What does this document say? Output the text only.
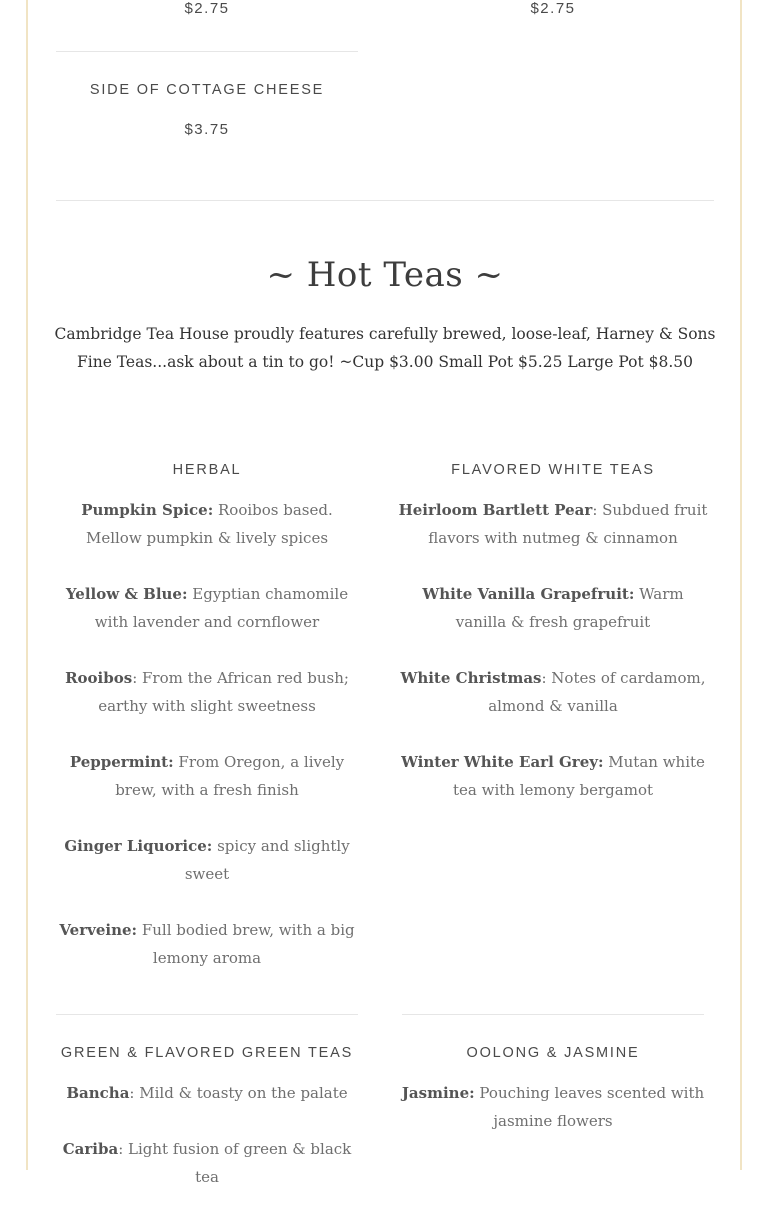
$2.75	$2.75
SIDE OF COTTAGE CHEESE
$3.75
~ Hot Teas ~
Cambridge Tea House proudly features carefully brewed, loose-leaf, Harney & Sons Fine Teas...ask about a tin to go! ~Cup $3.00 Small Pot $5.25 Large Pot $8.50
HERBAL

Pumpkin Spice: Rooibos based. Mellow pumpkin & lively spices

Yellow & Blue: Egyptian chamomile with lavender and cornflower

Rooibos: From the African red bush; earthy with slight sweetness

Peppermint: From Oregon, a lively brew, with a fresh finish

Ginger Liquorice: spicy and slightly sweet

Verveine: Full bodied brew, with a big lemony aroma

FLAVORED WHITE TEAS

Heirloom Bartlett Pear: Subdued fruit flavors with nutmeg & cinnamon

White Vanilla Grapefruit: Warm vanilla & fresh grapefruit

White Christmas: Notes of cardamom, almond & vanilla

Winter White Earl Grey: Mutan white tea with lemony bergamot

GREEN & FLAVORED GREEN TEAS

Bancha: Mild & toasty on the palate

Cariba: Light fusion of green & black tea

OOLONG & JASMINE

Jasmine: Pouching leaves scented with jasmine flowers
